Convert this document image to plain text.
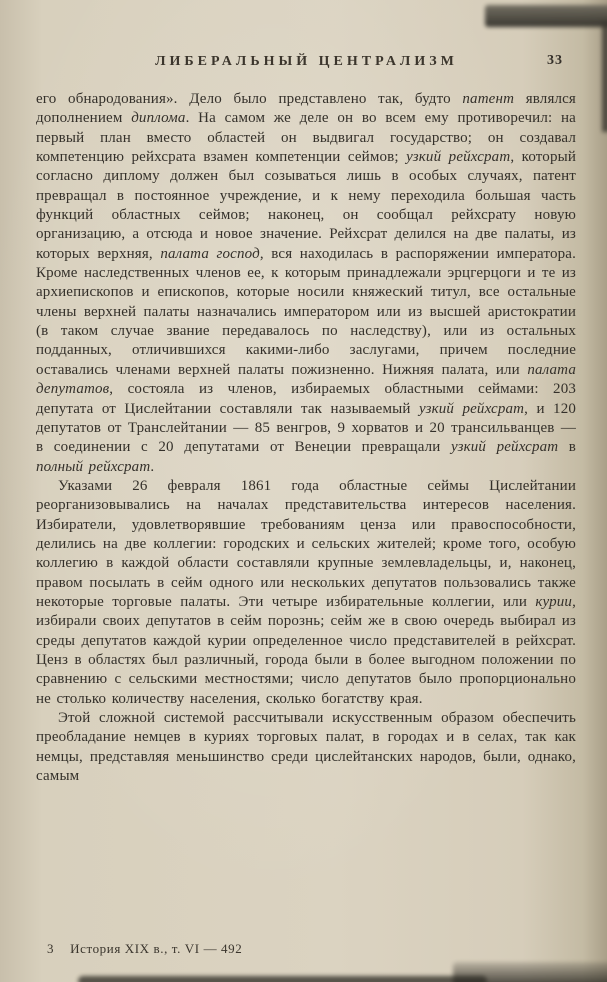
ЛИБЕРАЛЬНЫЙ ЦЕНТРАЛИЗМ	33

его обнародования». Дело было представлено так, будто патент являлся дополнением диплома. На самом же деле он во всем ему противоречил: на первый план вместо областей он выдвигал государство; он создавал компетенцию рейхсрата взамен компетенции сеймов; узкий рейхсрат, который согласно диплому должен был созываться лишь в особых случаях, патент превращал в постоянное учреждение, и к нему переходила большая часть функций областных сеймов; наконец, он сообщал рейхсрату новую организацию, а отсюда и новое значение. Рейхсрат делился на две палаты, из которых верхняя, палата господ, вся находилась в распоряжении императора. Кроме наследственных членов ее, к которым принадлежали эрцгерцоги и те из архиепископов и епископов, которые носили княжеский титул, все остальные члены верхней палаты назначались императором или из высшей аристократии (в таком случае звание передавалось по наследству), или из остальных подданных, отличившихся какими-либо заслугами, причем последние оставались членами верхней палаты пожизненно. Нижняя палата, или палата депутатов, состояла из членов, избираемых областными сеймами: 203 депутата от Цислейтании составляли так называемый узкий рейхсрат, и 120 депутатов от Транслейтании — 85 венгров, 9 хорватов и 20 трансильванцев — в соединении с 20 депутатами от Венеции превращали узкий рейхсрат в полный рейхсрат.

Указами 26 февраля 1861 года областные сеймы Цислейтании реорганизовывались на началах представительства интересов населения. Избиратели, удовлетворявшие требованиям ценза или правоспособности, делились на две коллегии: городских и сельских жителей; кроме того, особую коллегию в каждой области составляли крупные землевладельцы, и, наконец, правом посылать в сейм одного или нескольких депутатов пользовались также некоторые торговые палаты. Эти четыре избирательные коллегии, или курии, избирали своих депутатов в сейм порознь; сейм же в свою очередь выбирал из среды депутатов каждой курии определенное число представителей в рейхсрат. Ценз в областях был различный, города были в более выгодном положении по сравнению с сельскими местностями; число депутатов было пропорционально не столько количеству населения, сколько богатству края.

Этой сложной системой рассчитывали искусственным образом обеспечить преобладание немцев в куриях торговых палат, в городах и в селах, так как немцы, представляя меньшинство среди цислейтанских народов, были, однако, самым

3 История XIX в., т. VI — 492
